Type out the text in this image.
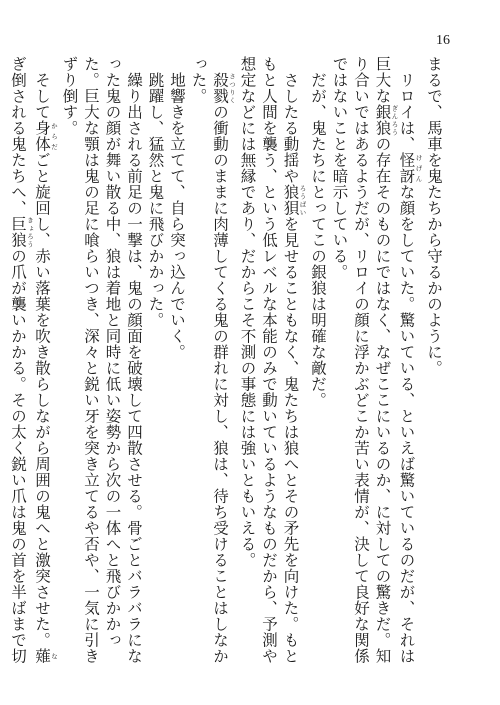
16

まるで、馬車を鬼たちから守るかのように。

リロイは、怪訝 けげんな顔をしていた。驚いている、といえば驚いているのだが、それは巨大な銀狼 ぎんろうの存在そのものにではなく、なぜここにいるのか、に対しての驚きだ。知り合いではあるようだが、リロイの顔に浮かぶどこか苦い表情が、決して良好な関係ではないことを暗示している。

だが、鬼たちにとってこの銀狼は明確な敵だ。

さしたる動揺や狼狽 ろうばいを見せることもなく、鬼たちは狼へとその矛先を向けた。もともと人間を襲う、という低レベルな本能のみで動いているようなものだから、予測や想定などには無縁であり、だからこそ不測の事態には強いともいえる。

殺戮 さつりくの衝動のままに肉薄してくる鬼の群れに対し、狼は、待ち受けることはしなかった。

地響きを立てて、自ら突っ込んでいく。

跳躍し、猛然と鬼に飛びかかった。

繰り出される前足の一撃は、鬼の顔面を破壊して四散させる。骨ごとバラバラになった鬼の顔が舞い散る中、狼は着地と同時に低い姿勢から次の一体へと飛びかかった。巨大な顎は鬼の足に喰らいつき、深々と鋭い牙を突き立てるや否や、一気に引きずり倒す。

そして身体 からだごと旋回し、赤い落葉を吹き散らしながら周囲の鬼へと激突させた。薙 なぎ倒される鬼たちへ、巨狼 きょろうの爪が襲いかかる。その太く鋭い爪は鬼の首を半ばまで切
